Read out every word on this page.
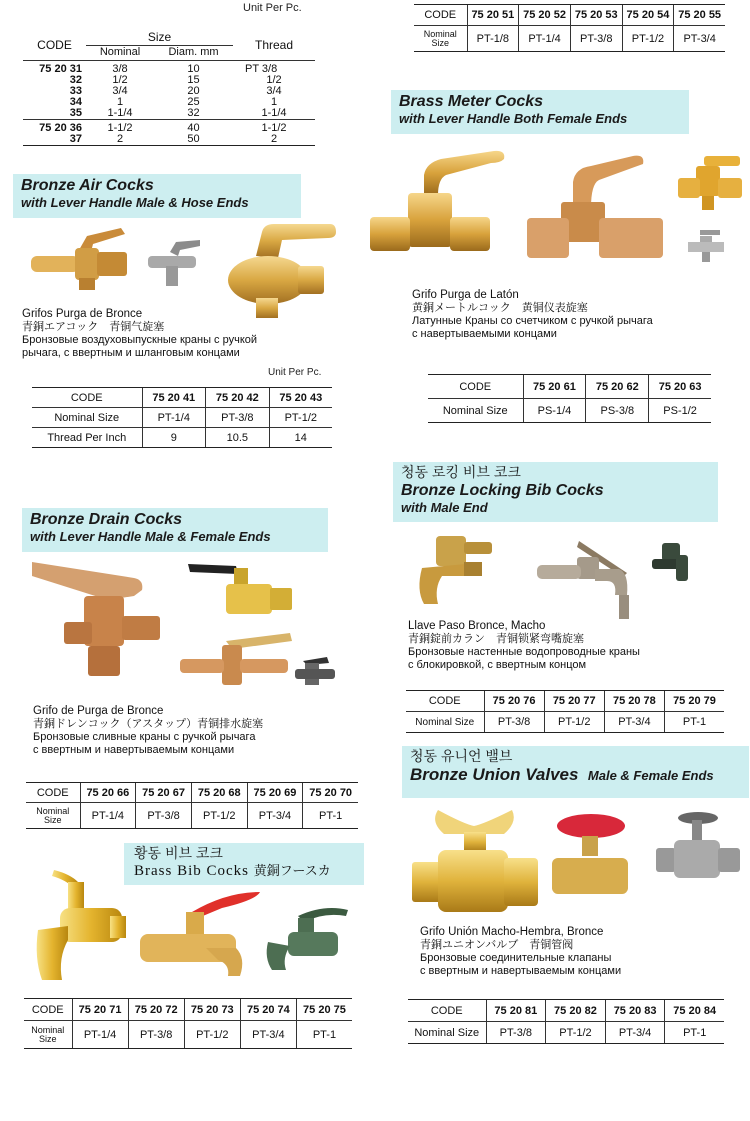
Unit Per Pc.
CODE	Size		Thread
	Nominal	Diam. mm	

75 20 31	3/8	10	PT 3/8
32	1/2	15	1/2
33	3/4	20	3/4
34	1	25	1
35	1-1/4	32	1-1/4

75 20 36	1-1/2	40	1-1/2
37	2	50	2
CODE	75 20 51	75 20 52	75 20 53	75 20 54	75 20 55
Nominal
Size	PT-1/8	PT-1/4	PT-3/8	PT-1/2	PT-3/4
Brass Meter Cocks
with Lever Handle Both Female Ends
Grifo Purga de Latón
黄銅メートルコック　黄铜仪表旋塞
Латунные Краны со счетчиком с ручкой рычага
с навертываемыми концами
CODE	75 20 61	75 20 62	75 20 63
Nominal Size	PS-1/4	PS-3/8	PS-1/2
Bronze Air Cocks
with Lever Handle Male & Hose Ends
Grifos Purga de Bronce
青銅エアコック　青铜气旋塞
Бронзовые воздуховыпускные краны с ручкой
рычага, с ввертным и шланговым концами
Unit Per Pc.
CODE	75 20 41	75 20 42	75 20 43
Nominal Size	PT-1/4	PT-3/8	PT-1/2
Thread Per Inch	9	10.5	14
청동 로킹 비브 코크
Bronze Locking Bib Cocks
with Male End
Llave Paso Bronce, Macho
青銅錠前カラン　青铜锁紧弯嘴旋塞
Бронзовые настенные водопроводные краны
с блокировкой, с ввертным концом
CODE	75 20 76	75 20 77	75 20 78	75 20 79
Nominal Size	PT-3/8	PT-1/2	PT-3/4	PT-1
Bronze Drain Cocks
with Lever Handle Male & Female Ends
Grifo de Purga de Bronce
青銅ドレンコック（アスタップ）青铜排水旋塞
Бронзовые сливные краны с ручкой рычага
с ввертным и навертываемым концами
CODE	75 20 66	75 20 67	75 20 68	75 20 69	75 20 70
Nominal
Size	PT-1/4	PT-3/8	PT-1/2	PT-3/4	PT-1
청동 유니언 밸브
Bronze Union Valves Male & Female Ends
Grifo Unión Macho-Hembra, Bronce
青銅ユニオンバルブ　青铜管阀
Бронзовые соединительные клапаны
с ввертным и навертываемым концами
CODE	75 20 81	75 20 82	75 20 83	75 20 84
Nominal Size	PT-3/8	PT-1/2	PT-3/4	PT-1
황동 비브 코크
Brass Bib Cocks 黄銅フースカ
CODE	75 20 71	75 20 72	75 20 73	75 20 74	75 20 75
Nominal
Size	PT-1/4	PT-3/8	PT-1/2	PT-3/4	PT-1
